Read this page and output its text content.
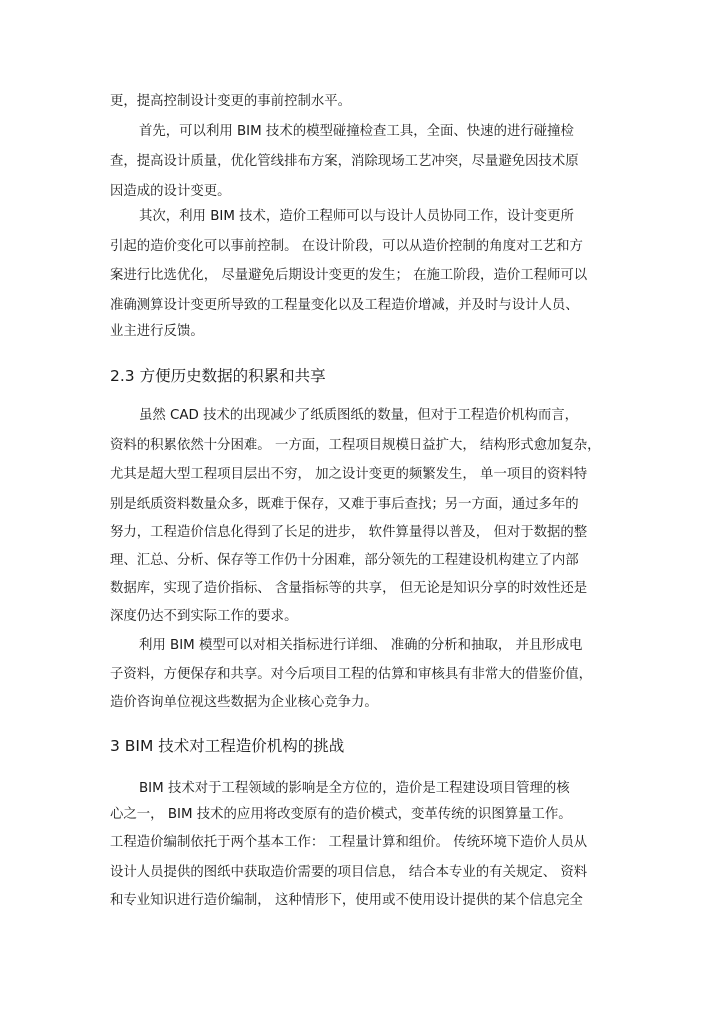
更，提高控制设计变更的事前控制水平。
首先，可以利用 BIM 技术的模型碰撞检查工具，全面、快速的进行碰撞检
查，提高设计质量，优化管线排布方案，消除现场工艺冲突，尽量避免因技术原
因造成的设计变更。
其次，利用 BIM 技术，造价工程师可以与设计人员协同工作，设计变更所
引起的造价变化可以事前控制。 在设计阶段，可以从造价控制的角度对工艺和方
案进行比选优化， 尽量避免后期设计变更的发生； 在施工阶段，造价工程师可以
准确测算设计变更所导致的工程量变化以及工程造价增减，并及时与设计人员、
业主进行反馈。
2.3 方便历史数据的积累和共享
虽然 CAD 技术的出现减少了纸质图纸的数量，但对于工程造价机构而言，
资料的积累依然十分困难。 一方面，工程项目规模日益扩大， 结构形式愈加复杂，
尤其是超大型工程项目层出不穷， 加之设计变更的频繁发生， 单一项目的资料特
别是纸质资料数量众多，既难于保存，又难于事后查找；另一方面，通过多年的
努力，工程造价信息化得到了长足的进步， 软件算量得以普及， 但对于数据的整
理、汇总、分析、保存等工作仍十分困难，部分领先的工程建设机构建立了内部
数据库，实现了造价指标、 含量指标等的共享， 但无论是知识分享的时效性还是
深度仍达不到实际工作的要求。
利用 BIM 模型可以对相关指标进行详细、 准确的分析和抽取， 并且形成电
子资料，方便保存和共享。对今后项目工程的估算和审核具有非常大的借鉴价值，
造价咨询单位视这些数据为企业核心竞争力。
3 BIM 技术对工程造价机构的挑战
BIM 技术对于工程领域的影响是全方位的，造价是工程建设项目管理的核
心之一， BIM 技术的应用将改变原有的造价模式，变革传统的识图算量工作。
工程造价编制依托于两个基本工作： 工程量计算和组价。 传统环境下造价人员从
设计人员提供的图纸中获取造价需要的项目信息， 结合本专业的有关规定、 资料
和专业知识进行造价编制， 这种情形下，使用或不使用设计提供的某个信息完全
